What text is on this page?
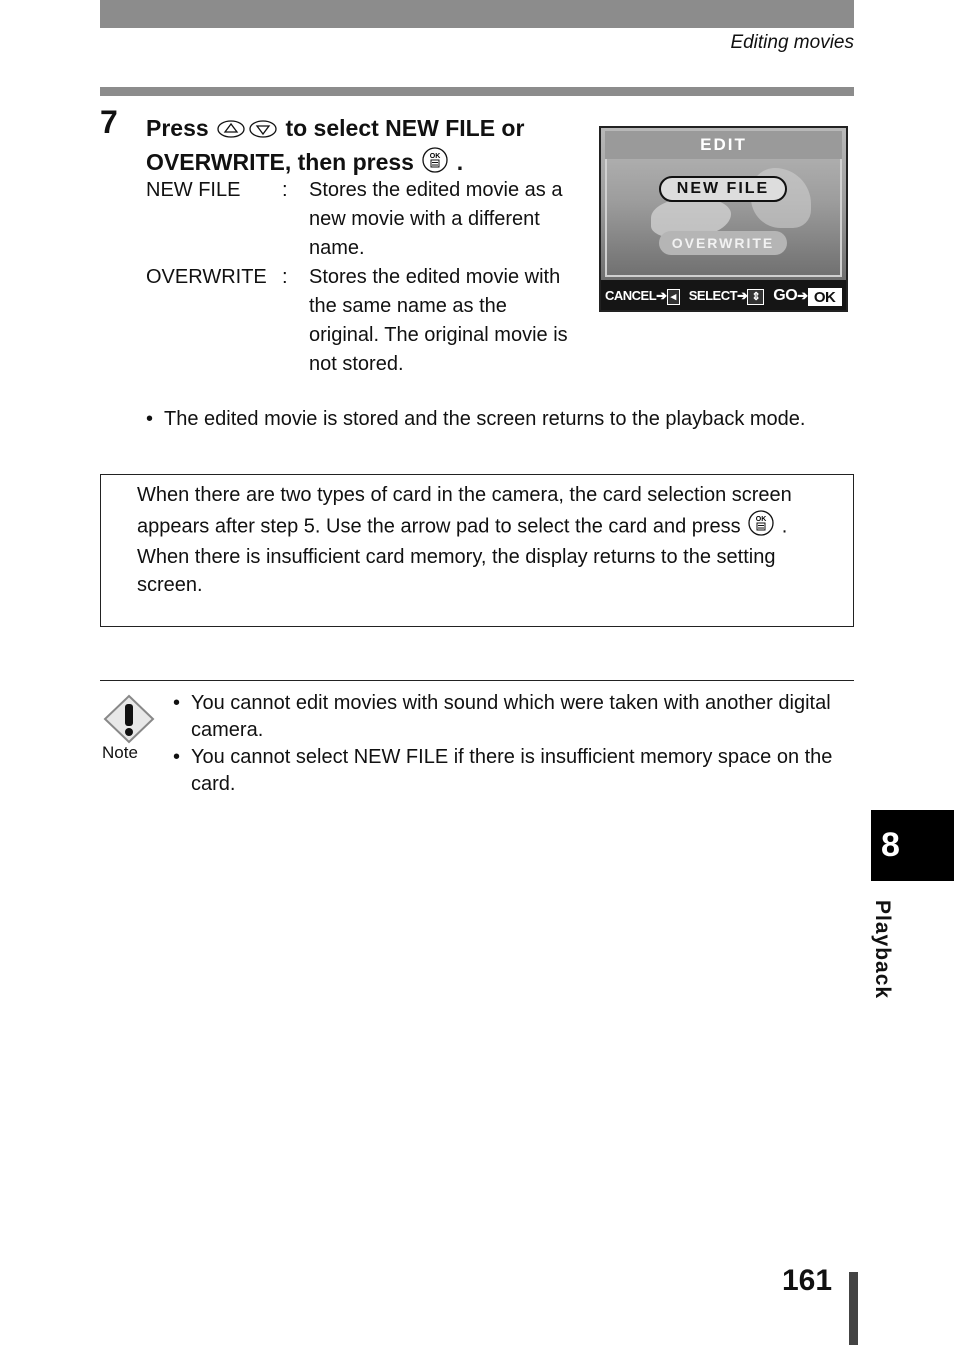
Editing movies
7 Press	to select NEW FILE or
OVERWRITE, then press OK .
NEW FILE	:	Stores the edited movie as a new movie with a different name.
OVERWRITE :	Stores the edited movie with the same name as the original. The original movie is not stored.
EDIT
NEW FILE
OVERWRITE
CANCEL➔ ◂ SELECT➔ ⇕ GO➔ OK
• The edited movie is stored and the screen returns to the playback mode.
When there are two types of card in the camera, the card selection screen appears after step 5. Use the arrow pad to select the card and press OK .
When there is insufficient card memory, the display returns to the setting screen.
Note
• You cannot edit movies with sound which were taken with another digital camera.
• You cannot select NEW FILE if there is insufficient memory space on the card.
8
Playback
161
